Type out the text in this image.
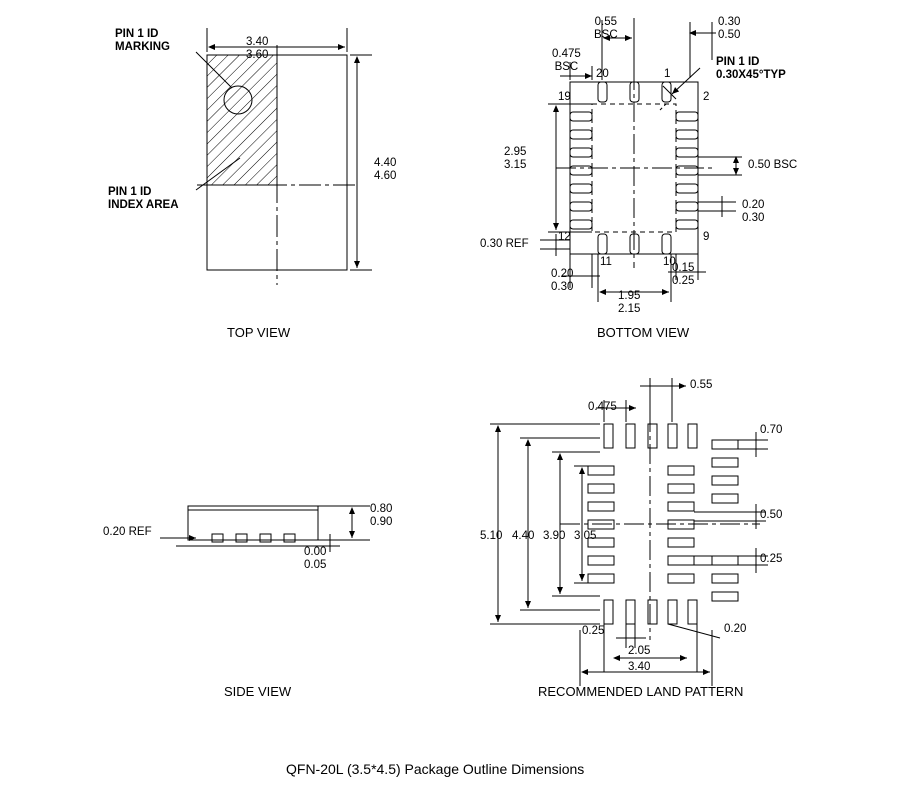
3.40
3.60
4.40
4.60
PIN 1 ID
MARKING
PIN 1 ID
INDEX AREA
TOP VIEW
0.55
BSC
0.475
BSC
0.30
0.50
PIN 1 ID
0.30X45°TYP
2.95
3.15	0.50 BSC
0.20
0.30
0.30 REF
0.20
0.30
0.15
0.25
1.95
2.15
20	1
19	2
12	9
11	10
BOTTOM VIEW
0.20 REF
0.80
0.90
0.00
0.05
SIDE VIEW
0.55
0.475
0.70
0.50
0.25
5.10 4.40 3.90 3.05
0.25	0.20
2.05
3.40
RECOMMENDED LAND PATTERN
QFN-20L (3.5*4.5) Package Outline Dimensions
